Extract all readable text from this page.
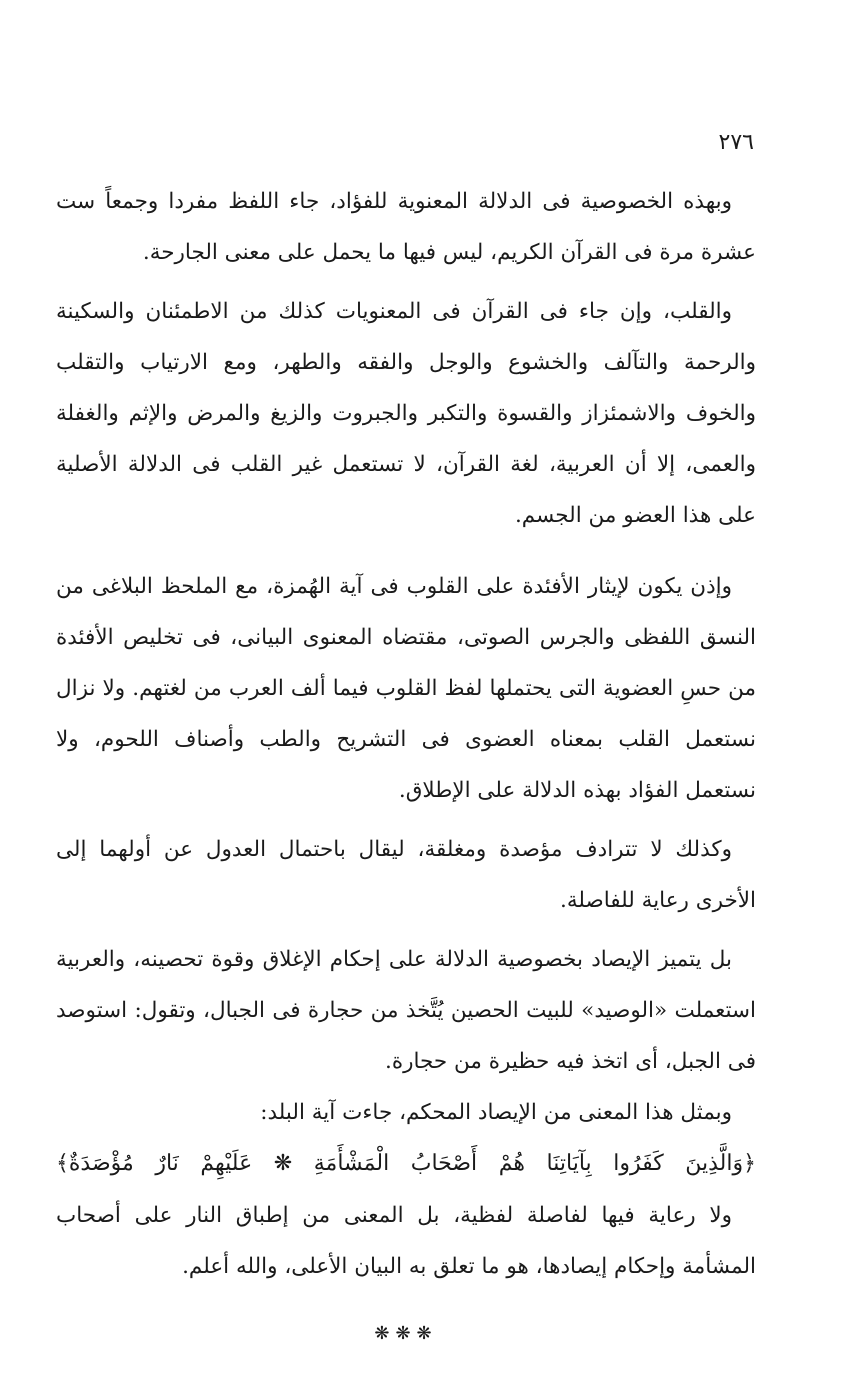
٢٧٦

وبهذه الخصوصية فى الدلالة المعنوية للفؤاد، جاء اللفظ مفردا وجمعاً ست عشرة مرة فى القرآن الكريم، ليس فيها ما يحمل على معنى الجارحة.

والقلب، وإن جاء فى القرآن فى المعنويات كذلك من الاطمئنان والسكينة والرحمة والتآلف والخشوع والوجل والفقه والطهر، ومع الارتياب والتقلب والخوف والاشمئزاز والقسوة والتكبر والجبروت والزيغ والمرض والإثم والغفلة والعمى، إلا أن العربية، لغة القرآن، لا تستعمل غير القلب فى الدلالة الأصلية على هذا العضو من الجسم.

وإذن يكون لإيثار الأفئدة على القلوب فى آية الهُمزة، مع الملحظ البلاغى من النسق اللفظى والجرس الصوتى، مقتضاه المعنوى البيانى، فى تخليص الأفئدة من حسِ العضوية التى يحتملها لفظ القلوب فيما ألف العرب من لغتهم. ولا نزال نستعمل القلب بمعناه العضوى فى التشريح والطب وأصناف اللحوم، ولا نستعمل الفؤاد بهذه الدلالة على الإطلاق.

وكذلك لا تترادف مؤصدة ومغلقة، ليقال باحتمال العدول عن أولهما إلى الأخرى رعاية للفاصلة.

بل يتميز الإيصاد بخصوصية الدلالة على إحكام الإغلاق وقوة تحصينه، والعربية استعملت «الوصيد» للبيت الحصين يُتَّخذ من حجارة فى الجبال، وتقول: استوصد فى الجبل، أى اتخذ فيه حظيرة من حجارة.

وبمثل هذا المعنى من الإيصاد المحكم، جاءت آية البلد:

﴿وَالَّذِينَ كَفَرُوا بِآيَاتِنَا هُمْ أَصْحَابُ الْمَشْأَمَةِ ❋ عَلَيْهِمْ نَارٌ مُؤْصَدَةٌ﴾

ولا رعاية فيها لفاصلة لفظية، بل المعنى من إطباق النار على أصحاب المشأمة وإحكام إيصادها، هو ما تعلق به البيان الأعلى، والله أعلم.

❋❋❋
